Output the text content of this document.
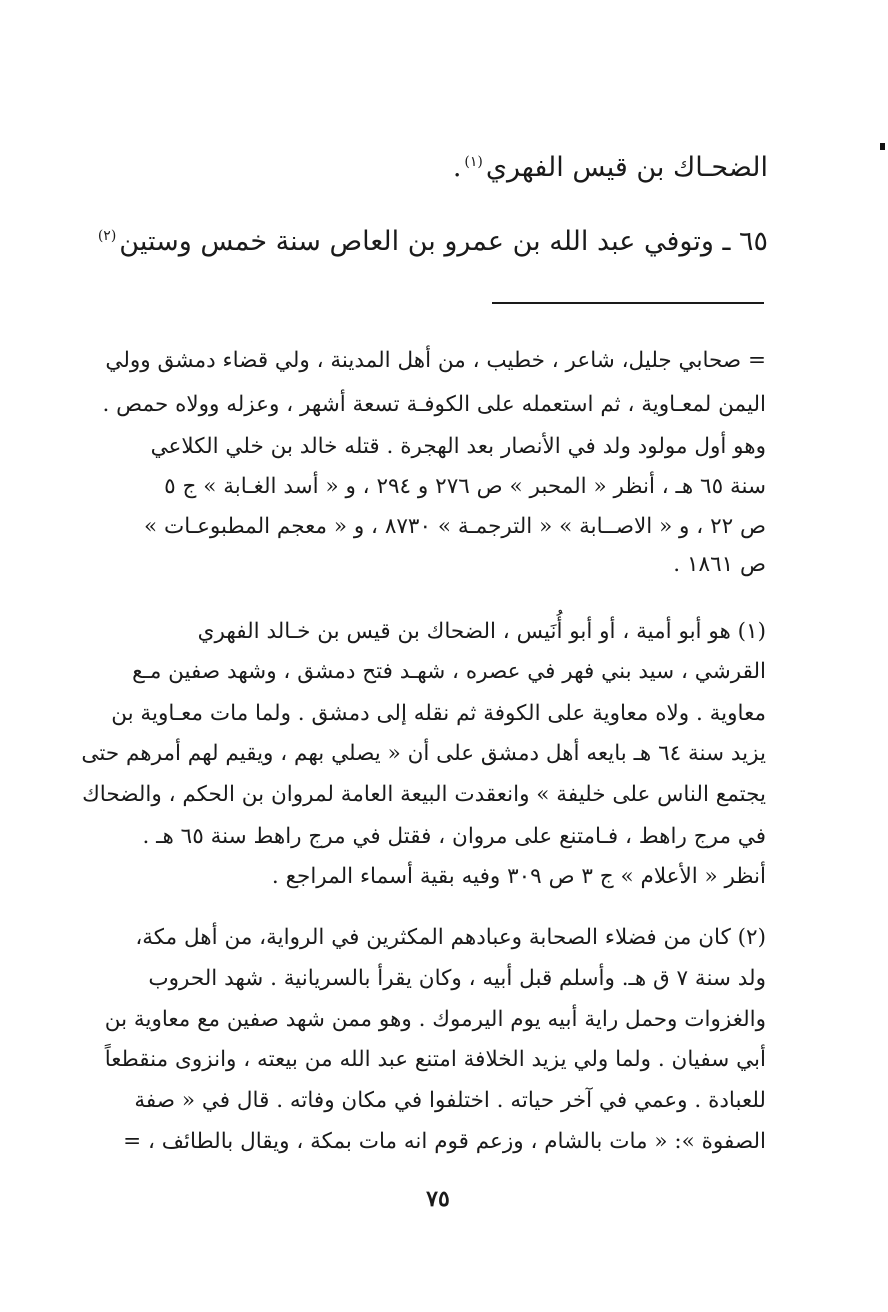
الضحـاك بن قيس الفهري$^{(١)}$.
٦٥ ـ وتوفي عبد الله بن عمرو بن العاص سنة خمس وستين$^{(٢)}$
= صحابي جليل، شاعر ، خطيب ، من أهل المدينة ، ولي قضاء دمشق وولي
اليمن لمعـاوية ، ثم استعمله على الكوفـة تسعة أشهر ، وعزله وولاه حمص .
وهو أول مولود ولد في الأنصار بعد الهجرة . قتله خالد بن خلي الكلاعي
سنة ٦٥ هـ ، أنظر « المحبر » ص ٢٧٦ و ٢٩٤ ، و « أسد الغـابة » ج ٥
ص ٢٢ ، و « الاصــابة » « الترجمـة » ٨٧٣٠ ، و « معجم المطبوعـات »
ص ١٨٦١ .
(١) هو أبو أمية ، أو أبو أُنَيس ، الضحاك بن قيس بن خـالد الفهري
القرشي ، سيد بني فهر في عصره ، شهـد فتح دمشق ، وشهد صفين مـع
معاوية . ولاه معاوية على الكوفة ثم نقله إلى دمشق . ولما مات معـاوية بن
يزيد سنة ٦٤ هـ بايعه أهل دمشق على أن « يصلي بهم ، ويقيم لهم أمرهم حتى
يجتمع الناس على خليفة » وانعقدت البيعة العامة لمروان بن الحكم ، والضحاك
في مرج راهط ، فـامتنع على مروان ، فقتل في مرج راهط سنة ٦٥ هـ .
أنظر « الأعلام » ج ٣ ص ٣٠٩ وفيه بقية أسماء المراجع .
(٢) كان من فضلاء الصحابة وعبادهم المكثرين في الرواية، من أهل مكة،
ولد سنة ٧ ق هـ. وأسلم قبل أبيه ، وكان يقرأ بالسريانية . شهد الحروب
والغزوات وحمل راية أبيه يوم اليرموك . وهو ممن شهد صفين مع معاوية بن
أبي سفيان . ولما ولي يزيد الخلافة امتنع عبد الله من بيعته ، وانزوى منقطعاً
للعبادة . وعمي في آخر حياته . اختلفوا في مكان وفاته . قال في « صفة
الصفوة »: « مات بالشام ، وزعم قوم انه مات بمكة ، ويقال بالطائف ، =
٧٥
